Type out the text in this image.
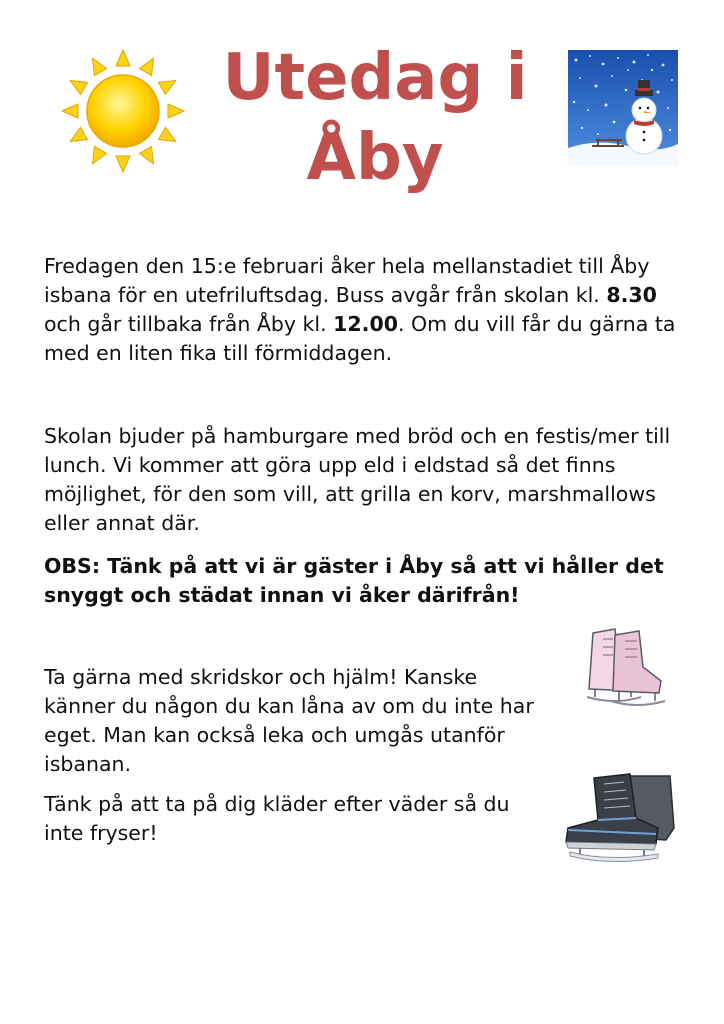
Utedag i Åby

Fredagen den 15:e februari åker hela mellanstadiet till Åby isbana för en utefriluftsdag. Buss avgår från skolan kl. 8.30 och går tillbaka från Åby kl. 12.00. Om du vill får du gärna ta med en liten fika till förmiddagen.

Skolan bjuder på hamburgare med bröd och en festis/mer till lunch. Vi kommer att göra upp eld i eldstad så det finns möjlighet, för den som vill, att grilla en korv, marshmallows eller annat där.

OBS: Tänk på att vi är gäster i Åby så att vi håller det snyggt och städat innan vi åker därifrån!

Ta gärna med skridskor och hjälm! Kanske känner du någon du kan låna av om du inte har eget. Man kan också leka och umgås utanför isbanan.

Tänk på att ta på dig kläder efter väder så du inte fryser!
